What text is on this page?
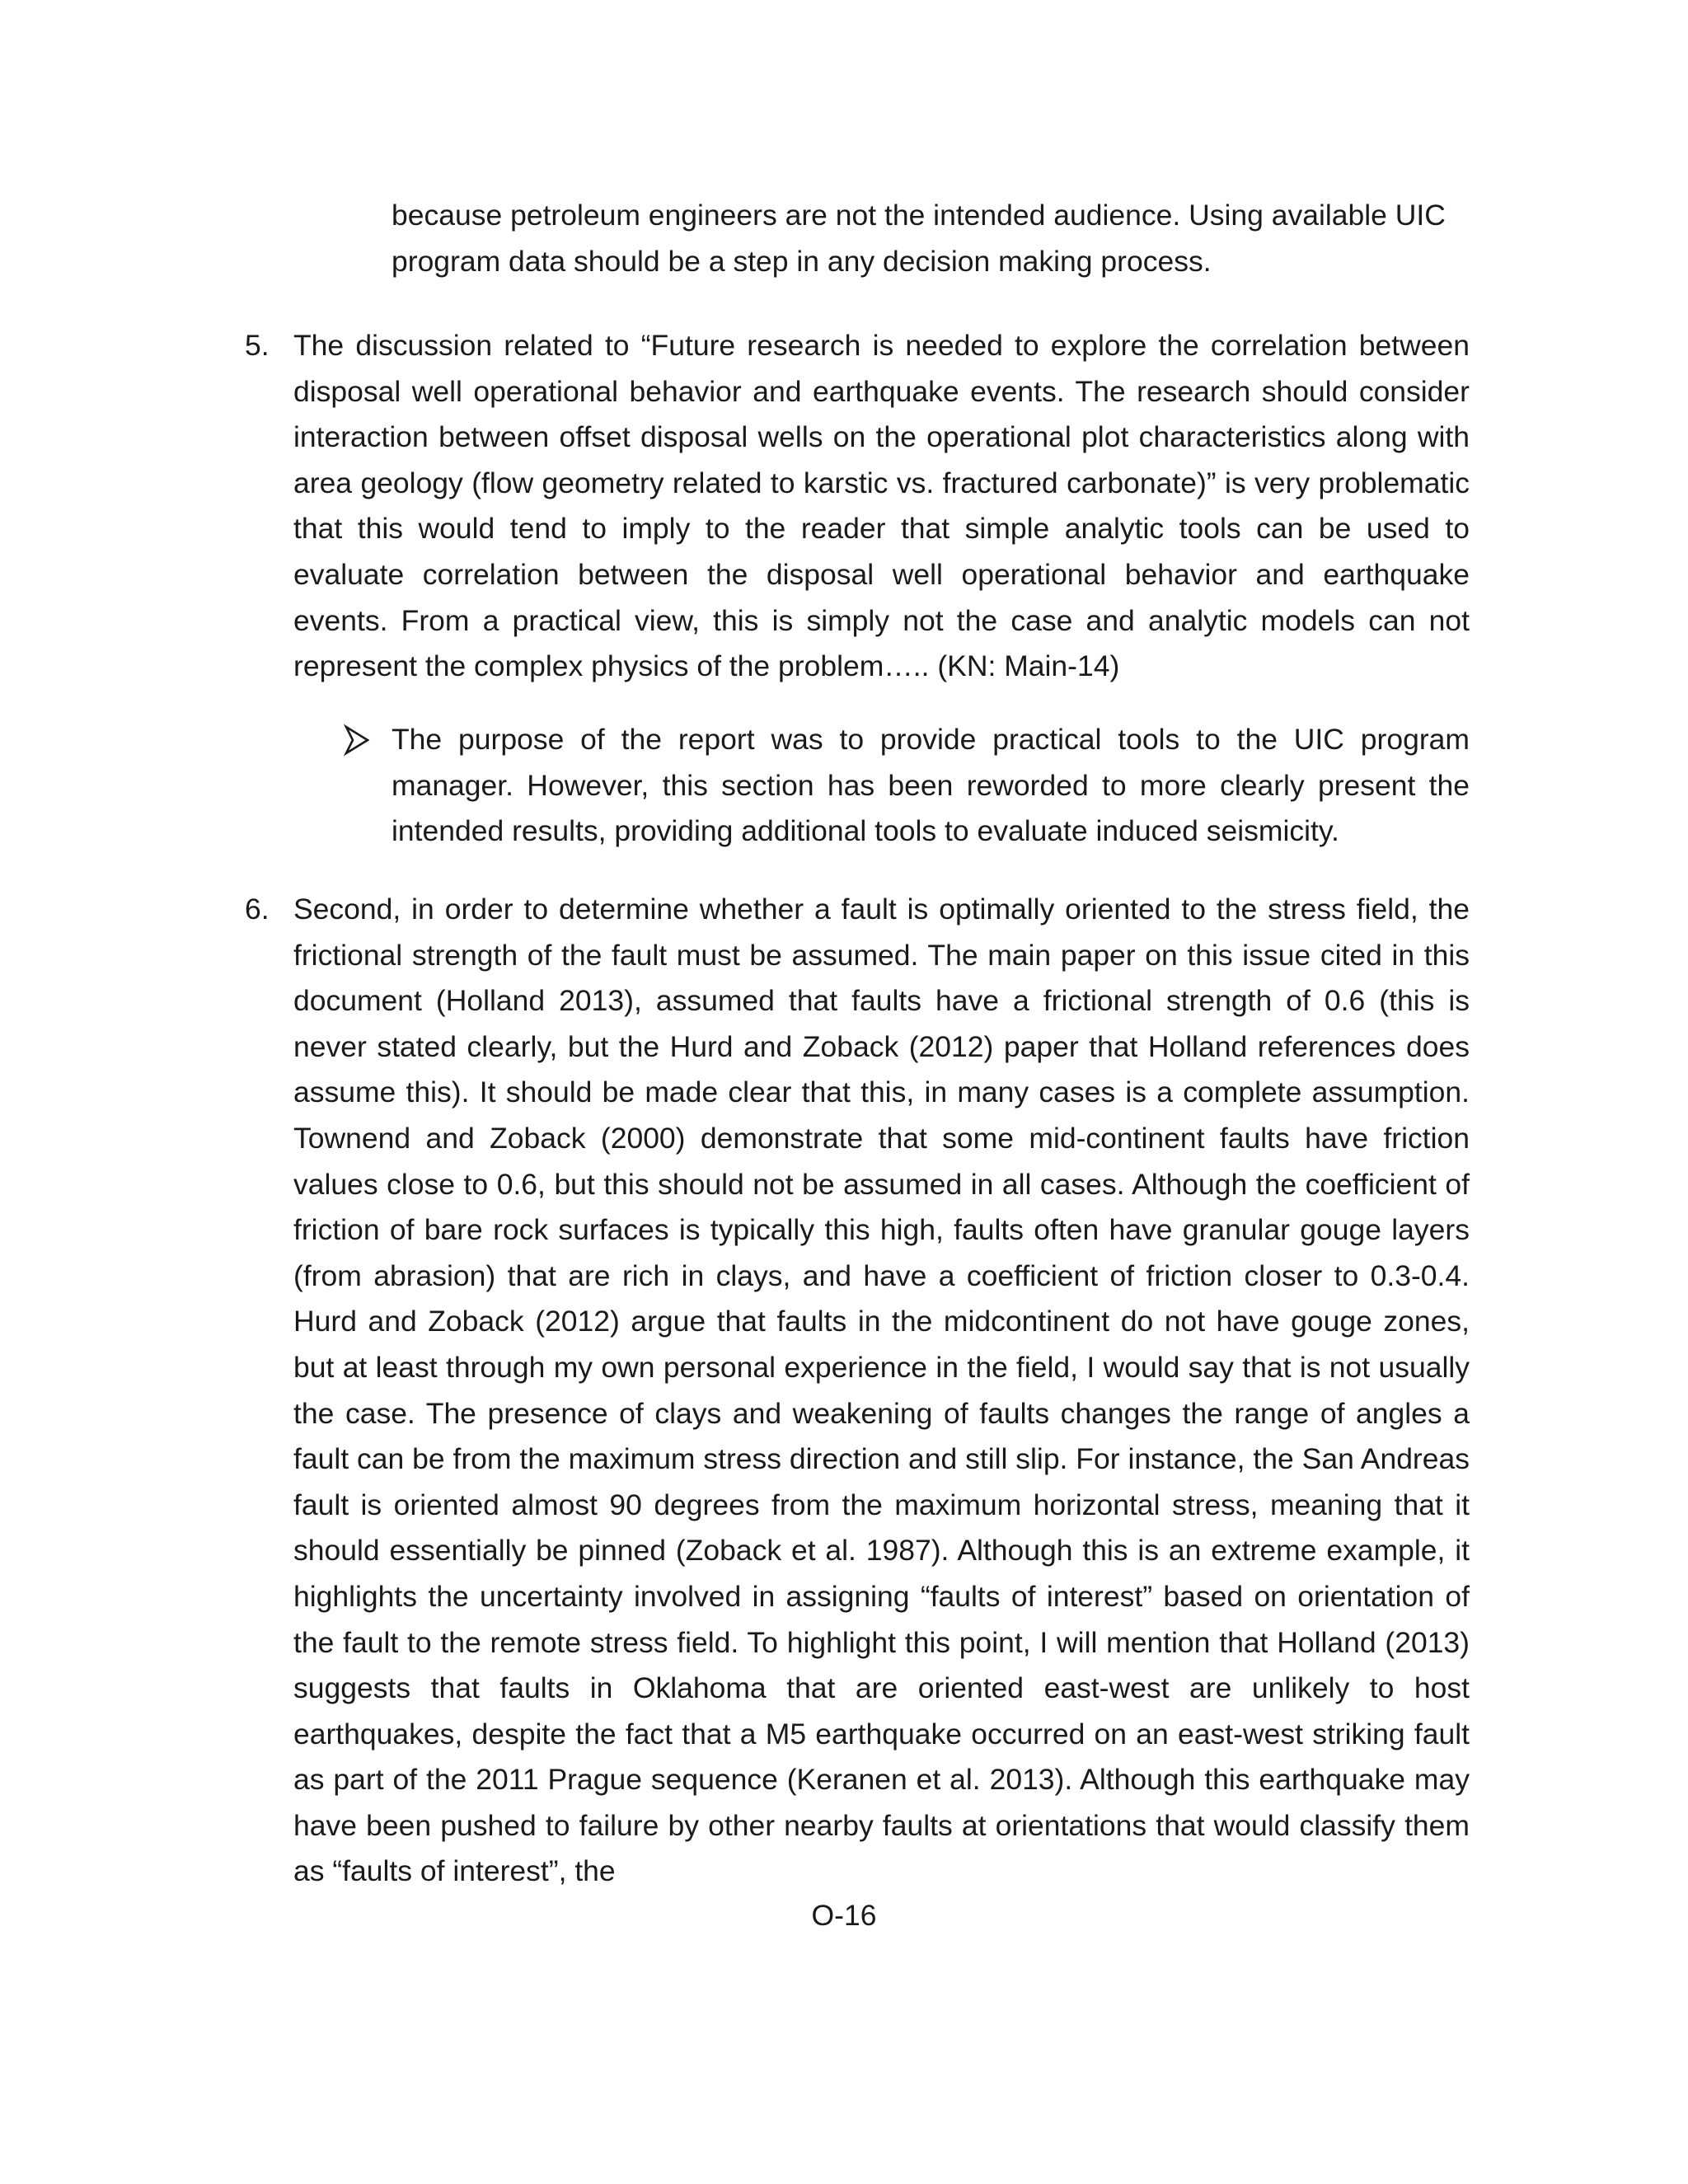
because petroleum engineers are not the intended audience. Using available UIC program data should be a step in any decision making process.

5. The discussion related to “Future research is needed to explore the correlation between disposal well operational behavior and earthquake events. The research should consider interaction between offset disposal wells on the operational plot characteristics along with area geology (flow geometry related to karstic vs. fractured carbonate)” is very problematic that this would tend to imply to the reader that simple analytic tools can be used to evaluate correlation between the disposal well operational behavior and earthquake events. From a practical view, this is simply not the case and analytic models can not represent the complex physics of the problem….. (KN: Main-14)

The purpose of the report was to provide practical tools to the UIC program manager. However, this section has been reworded to more clearly present the intended results, providing additional tools to evaluate induced seismicity.

6. Second, in order to determine whether a fault is optimally oriented to the stress field, the frictional strength of the fault must be assumed. The main paper on this issue cited in this document (Holland 2013), assumed that faults have a frictional strength of 0.6 (this is never stated clearly, but the Hurd and Zoback (2012) paper that Holland references does assume this). It should be made clear that this, in many cases is a complete assumption. Townend and Zoback (2000) demonstrate that some mid-continent faults have friction values close to 0.6, but this should not be assumed in all cases. Although the coefficient of friction of bare rock surfaces is typically this high, faults often have granular gouge layers (from abrasion) that are rich in clays, and have a coefficient of friction closer to 0.3-0.4. Hurd and Zoback (2012) argue that faults in the midcontinent do not have gouge zones, but at least through my own personal experience in the field, I would say that is not usually the case. The presence of clays and weakening of faults changes the range of angles a fault can be from the maximum stress direction and still slip. For instance, the San Andreas fault is oriented almost 90 degrees from the maximum horizontal stress, meaning that it should essentially be pinned (Zoback et al. 1987). Although this is an extreme example, it highlights the uncertainty involved in assigning “faults of interest” based on orientation of the fault to the remote stress field. To highlight this point, I will mention that Holland (2013) suggests that faults in Oklahoma that are oriented east-west are unlikely to host earthquakes, despite the fact that a M5 earthquake occurred on an east-west striking fault as part of the 2011 Prague sequence (Keranen et al. 2013). Although this earthquake may have been pushed to failure by other nearby faults at orientations that would classify them as “faults of interest”, the

O-16
